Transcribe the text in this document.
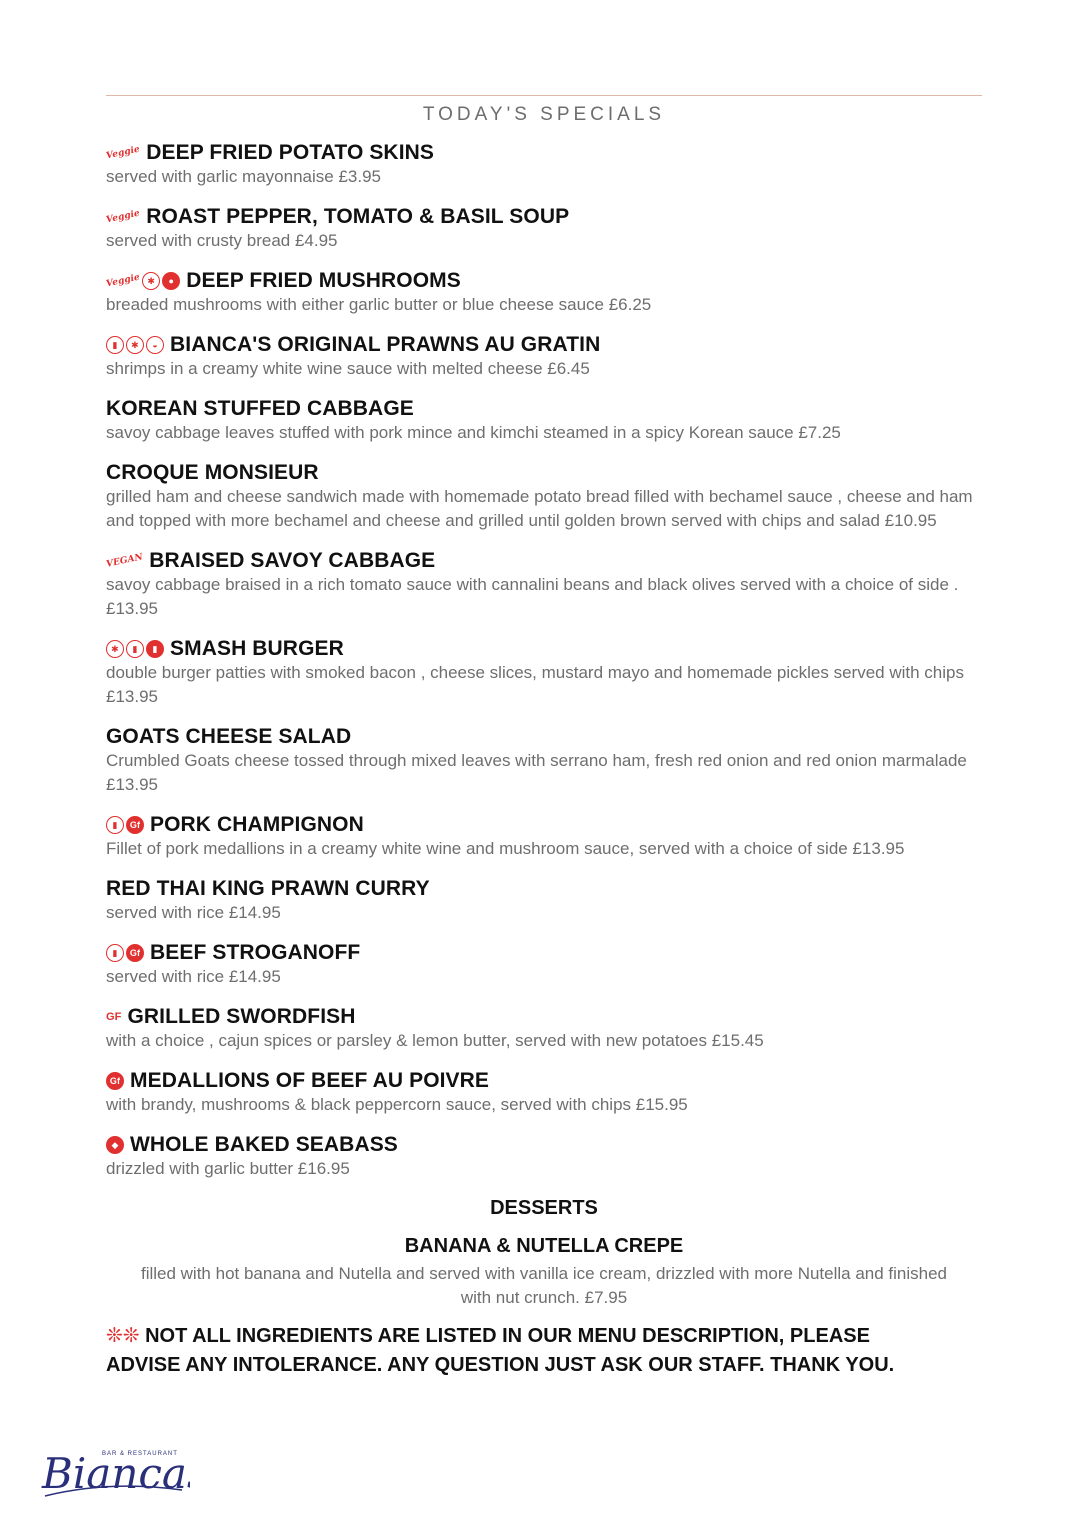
TODAY'S SPECIALS
Veggie DEEP FRIED POTATO SKINS
served with garlic mayonnaise £3.95
Veggie ROAST PEPPER, TOMATO & BASIL SOUP
served with crusty bread £4.95
Veggie ✱	● DEEP FRIED MUSHROOMS
breaded mushrooms with either garlic butter or blue cheese sauce £6.25
▮	✱	◒ BIANCA'S ORIGINAL PRAWNS AU GRATIN
shrimps in a creamy white wine sauce with melted cheese £6.45
KOREAN STUFFED CABBAGE
savoy cabbage leaves stuffed with pork mince and kimchi steamed in a spicy Korean sauce £7.25
CROQUE MONSIEUR
grilled ham and cheese sandwich made with homemade potato bread filled with bechamel sauce , cheese and ham and topped with more bechamel and cheese and grilled until golden brown served with chips and salad £10.95
VEGAN BRAISED SAVOY CABBAGE
savoy cabbage braised in a rich tomato sauce with cannalini beans and black olives served with a choice of side . £13.95
✱	▮	▮ SMASH BURGER
double burger patties with smoked bacon , cheese slices, mustard mayo and homemade pickles served with chips £13.95
GOATS CHEESE SALAD
Crumbled Goats cheese tossed through mixed leaves with serrano ham, fresh red onion and red onion marmalade £13.95
▮	Gf PORK CHAMPIGNON
Fillet of pork medallions in a creamy white wine and mushroom sauce, served with a choice of side £13.95
RED THAI KING PRAWN CURRY
served with rice £14.95
▮	Gf BEEF STROGANOFF
served with rice £14.95
GF GRILLED SWORDFISH
with a choice , cajun spices or parsley & lemon butter, served with new potatoes £15.45
Gf MEDALLIONS OF BEEF AU POIVRE
with brandy, mushrooms & black peppercorn sauce, served with chips £15.95
◆ WHOLE BAKED SEABASS
drizzled with garlic butter £16.95
DESSERTS
BANANA & NUTELLA CREPE
filled with hot banana and Nutella and served with vanilla ice cream, drizzled with more Nutella and finished with nut crunch. £7.95
❊❊ NOT ALL INGREDIENTS ARE LISTED IN OUR MENU DESCRIPTION, PLEASE ADVISE ANY INTOLERANCE. ANY QUESTION JUST ASK OUR STAFF. THANK YOU.
BAR & RESTAURANT
Bianca
